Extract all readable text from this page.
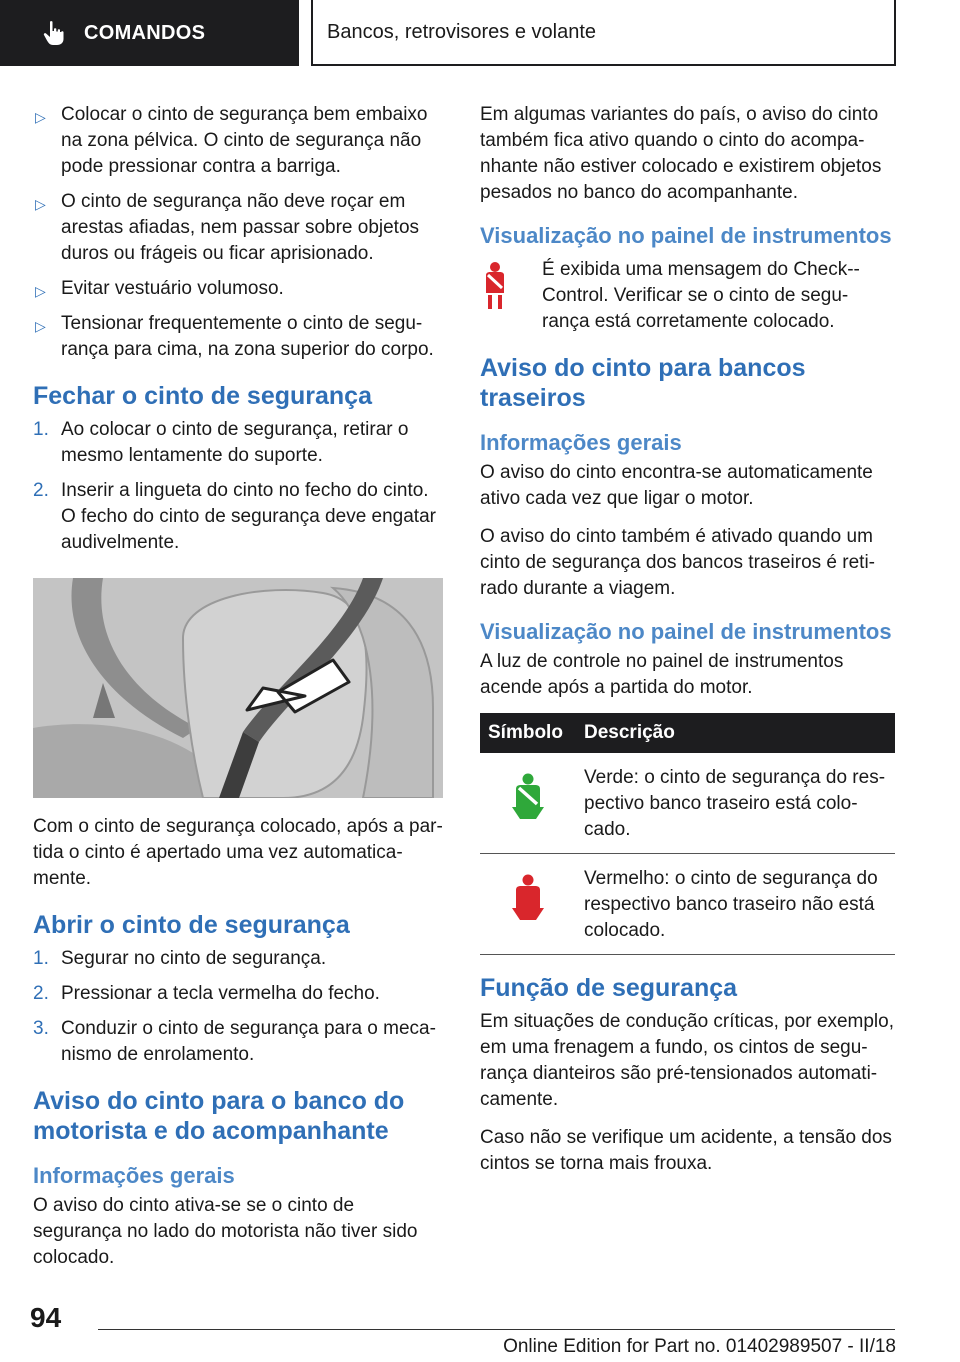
COMANDOS	Bancos, retrovisores e volante
▷ Colocar o cinto de segurança bem embaixo na zona pélvica. O cinto de segurança não pode pressionar contra a barriga.
▷ O cinto de segurança não deve roçar em arestas afiadas, nem passar sobre objetos duros ou frágeis ou ficar aprisionado.
▷ Evitar vestuário volumoso.
▷ Tensionar frequentemente o cinto de segu-rança para cima, na zona superior do corpo.
Fechar o cinto de segurança
1. Ao colocar o cinto de segurança, retirar o mesmo lentamente do suporte.
2. Inserir a lingueta do cinto no fecho do cinto. O fecho do cinto de segurança deve engatar audivelmente.

Com o cinto de segurança colocado, após a par-tida o cinto é apertado uma vez automatica-mente.

Abrir o cinto de segurança
1. Segurar no cinto de segurança.
2. Pressionar a tecla vermelha do fecho.
3. Conduzir o cinto de segurança para o meca-nismo de enrolamento.
Aviso do cinto para o banco do motorista e do acompanhante
Informações gerais

O aviso do cinto ativa-se se o cinto de segurança no lado do motorista não tiver sido colocado.

Em algumas variantes do país, o aviso do cinto também fica ativo quando o cinto do acompa-nhante não estiver colocado e existirem objetos pesados no banco do acompanhante.

Visualização no painel de instrumentos
É exibida uma mensagem do Check--Control. Verificar se o cinto de segu-rança está corretamente colocado.
Aviso do cinto para bancos traseiros
Informações gerais

O aviso do cinto encontra-se automaticamente ativo cada vez que ligar o motor.

O aviso do cinto também é ativado quando um cinto de segurança dos bancos traseiros é reti-rado durante a viagem.

Visualização no painel de instrumentos

A luz de controle no painel de instrumentos acende após a partida do motor.

Símbolo	Descrição
	Verde: o cinto de segurança do res-pectivo banco traseiro está colo-cado.
	Vermelho: o cinto de segurança do respectivo banco traseiro não está colocado.
Função de segurança

Em situações de condução críticas, por exemplo, em uma frenagem a fundo, os cintos de segu-rança dianteiros são pré-tensionados automati-camente.

Caso não se verifique um acidente, a tensão dos cintos se torna mais frouxa.

94
Online Edition for Part no. 01402989507 - II/18
